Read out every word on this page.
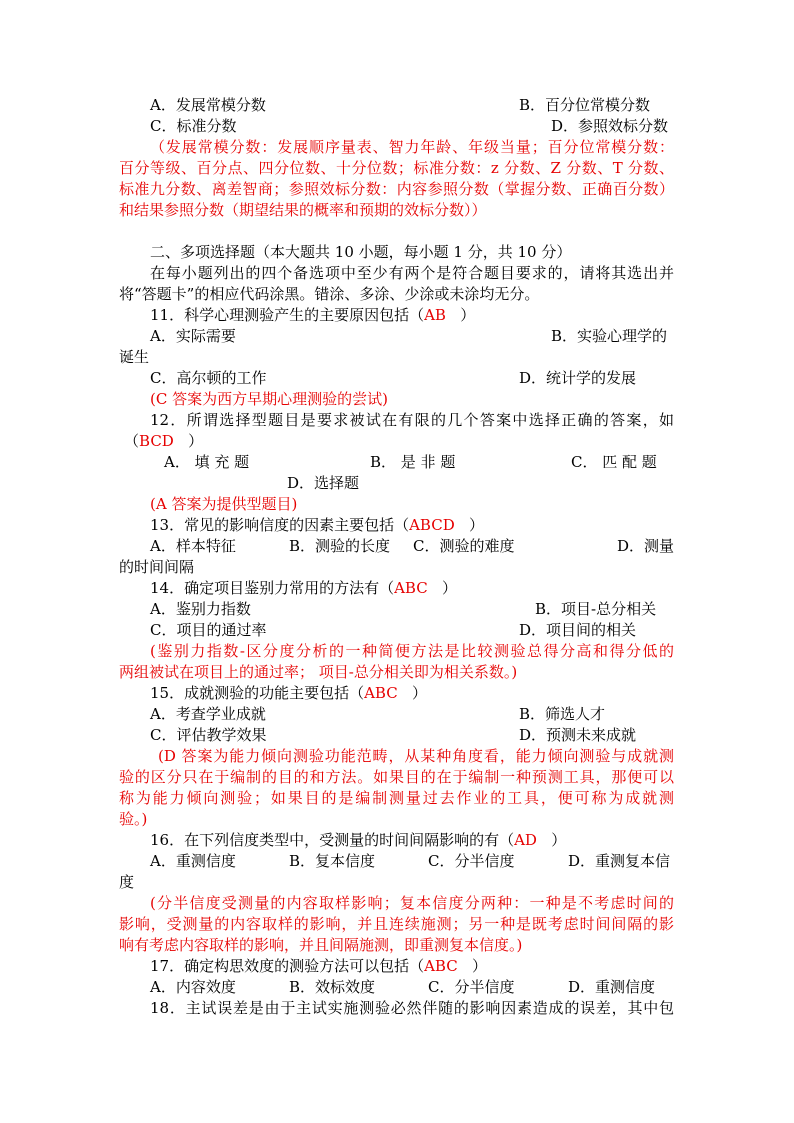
A．发展常模分数	B．百分位常模分数
C．标准分数	D．参照效标分数
（发展常模分数：发展顺序量表、智力年龄、年级当量；百分位常模分数：
百分等级、百分点、四分位数、十分位数；标准分数：z 分数、Z 分数、T 分数、
标准九分数、离差智商；参照效标分数：内容参照分数（掌握分数、正确百分数）
和结果参照分数（期望结果的概率和预期的效标分数））
二、多项选择题（本大题共 10 小题，每小题 1 分，共 10 分）
在每小题列出的四个备选项中至少有两个是符合题目要求的，请将其选出并
将“答题卡”的相应代码涂黑。错涂、多涂、少涂或未涂均无分。
11．科学心理测验产生的主要原因包括（AB ）
A．实际需要	B．实验心理学的
诞生
C．高尔顿的工作	D．统计学的发展
(C 答案为西方早期心理测验的尝试)
12．所谓选择型题目是要求被试在有限的几个答案中选择正确的答案，如
（BCD ）
A． 填 充 题	B． 是 非 题	C． 匹 配 题
D．选择题
(A 答案为提供型题目)
13．常见的影响信度的因素主要包括（ABCD ）
A．样本特征	B．测验的长度 C．测验的难度	D．测量
的时间间隔
14．确定项目鉴别力常用的方法有（ABC ）
A．鉴别力指数	B．项目-总分相关
C．项目的通过率	D．项目间的相关
(鉴别力指数-区分度分析的一种简便方法是比较测验总得分高和得分低的
两组被试在项目上的通过率； 项目-总分相关即为相关系数。)
15．成就测验的功能主要包括（ABC ）
A．考查学业成就	B．筛选人才
C．评估教学效果	D．预测未来成就
(D 答案为能力倾向测验功能范畴，从某种角度看，能力倾向测验与成就测
验的区分只在于编制的目的和方法。如果目的在于编制一种预测工具，那便可以
称为能力倾向测验；如果目的是编制测量过去作业的工具，便可称为成就测
验。)
16．在下列信度类型中，受测量的时间间隔影响的有（AD ）
A．重测信度	B．复本信度	C．分半信度	D．重测复本信
度
(分半信度受测量的内容取样影响；复本信度分两种：一种是不考虑时间的
影响，受测量的内容取样的影响，并且连续施测；另一种是既考虑时间间隔的影
响有考虑内容取样的影响，并且间隔施测，即重测复本信度。)
17．确定构思效度的测验方法可以包括（ABC ）
A．内容效度	B．效标效度	C．分半信度	D．重测信度
18．主试误差是由于主试实施测验必然伴随的影响因素造成的误差，其中包
